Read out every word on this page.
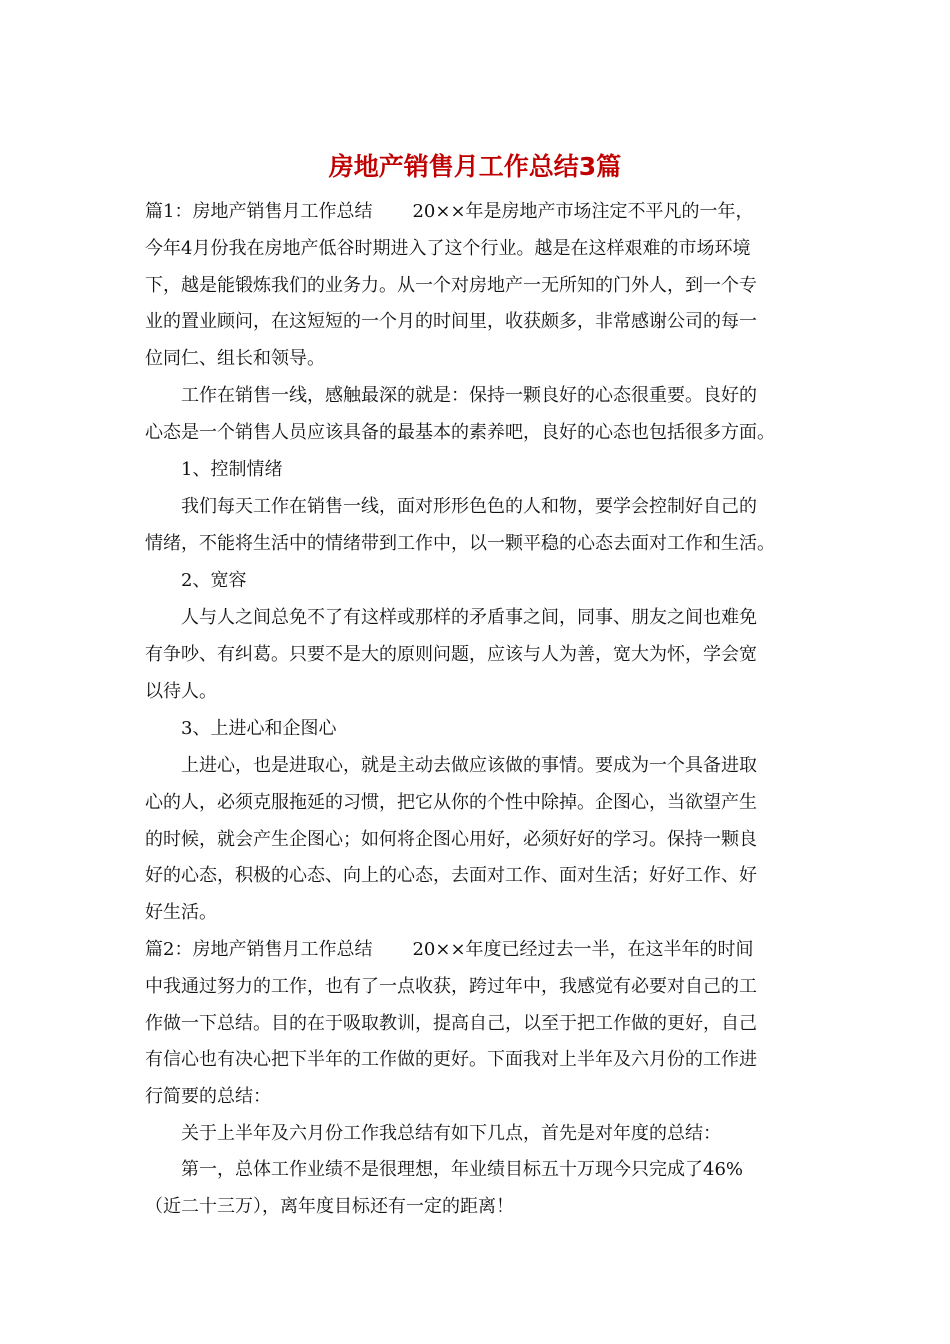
房地产销售月工作总结3篇
篇1：房地产销售月工作总结 20××年是房地产市场注定不平凡的一年，
今年4月份我在房地产低谷时期进入了这个行业。越是在这样艰难的市场环境
下，越是能锻炼我们的业务力。从一个对房地产一无所知的门外人，到一个专
业的置业顾问，在这短短的一个月的时间里，收获颇多，非常感谢公司的每一
位同仁、组长和领导。
工作在销售一线，感触最深的就是：保持一颗良好的心态很重要。良好的
心态是一个销售人员应该具备的最基本的素养吧，良好的心态也包括很多方面。
1、控制情绪
我们每天工作在销售一线，面对形形色色的人和物，要学会控制好自己的
情绪，不能将生活中的情绪带到工作中，以一颗平稳的心态去面对工作和生活。
2、宽容
人与人之间总免不了有这样或那样的矛盾事之间，同事、朋友之间也难免
有争吵、有纠葛。只要不是大的原则问题，应该与人为善，宽大为怀，学会宽
以待人。
3、上进心和企图心
上进心，也是进取心，就是主动去做应该做的事情。要成为一个具备进取
心的人，必须克服拖延的习惯，把它从你的个性中除掉。企图心，当欲望产生
的时候，就会产生企图心；如何将企图心用好，必须好好的学习。保持一颗良
好的心态，积极的心态、向上的心态，去面对工作、面对生活；好好工作、好
好生活。
篇2：房地产销售月工作总结 20××年度已经过去一半，在这半年的时间
中我通过努力的工作，也有了一点收获，跨过年中，我感觉有必要对自己的工
作做一下总结。目的在于吸取教训，提高自己，以至于把工作做的更好，自己
有信心也有决心把下半年的工作做的更好。下面我对上半年及六月份的工作进
行简要的总结：
关于上半年及六月份工作我总结有如下几点，首先是对年度的总结：
第一，总体工作业绩不是很理想，年业绩目标五十万现今只完成了46%
（近二十三万），离年度目标还有一定的距离！
